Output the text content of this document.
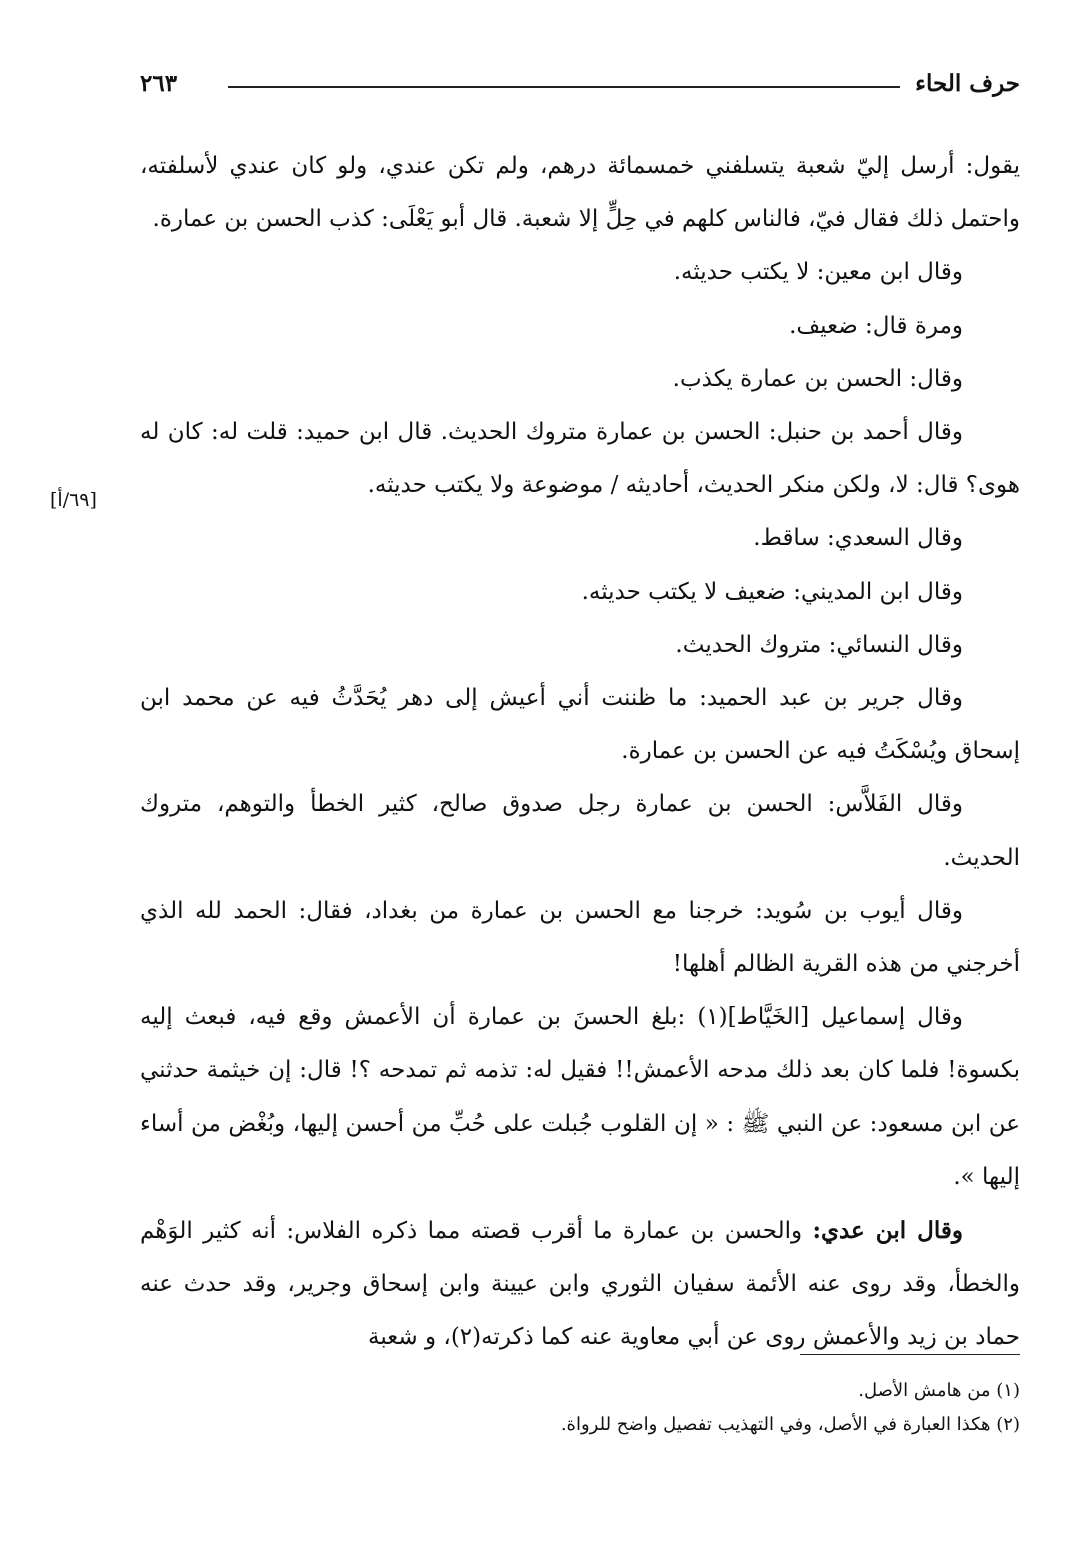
حرف الحاء
٢٦٣
[٦٩/أ]

يقول: أرسل إليّ شعبة يتسلفني خمسمائة درهم، ولم تكن عندي، ولو كان عندي لأسلفته، واحتمل ذلك فقال فيّ، فالناس كلهم في حِلٍّ إلا شعبة. قال أبو يَعْلَى: كذب الحسن بن عمارة.

وقال ابن معين: لا يكتب حديثه.

ومرة قال: ضعيف.

وقال: الحسن بن عمارة يكذب.

وقال أحمد بن حنبل: الحسن بن عمارة متروك الحديث. قال ابن حميد: قلت له: كان له هوى؟ قال: لا، ولكن منكر الحديث، أحاديثه / موضوعة ولا يكتب حديثه.

وقال السعدي: ساقط.

وقال ابن المديني: ضعيف لا يكتب حديثه.

وقال النسائي: متروك الحديث.

وقال جرير بن عبد الحميد: ما ظننت أني أعيش إلى دهر يُحَدَّثُ فيه عن محمد ابن إسحاق ويُسْكَتُ فيه عن الحسن بن عمارة.

وقال الفَلاَّس: الحسن بن عمارة رجل صدوق صالح، كثير الخطأ والتوهم، متروك الحديث.

وقال أيوب بن سُويد: خرجنا مع الحسن بن عمارة من بغداد، فقال: الحمد لله الذي أخرجني من هذه القرية الظالم أهلها!

وقال إسماعيل [الخَيَّاط](١) :بلغ الحسنَ بن عمارة أن الأعمش وقع فيه، فبعث إليه بكسوة! فلما كان بعد ذلك مدحه الأعمش!! فقيل له: تذمه ثم تمدحه ؟! قال: إن خيثمة حدثني عن ابن مسعود: عن النبي ﷺ : « إن القلوب جُبلت على حُبِّ من أحسن إليها، وبُغْض من أساء إليها ».

وقال ابن عدي: والحسن بن عمارة ما أقرب قصته مما ذكره الفلاس: أنه كثير الوَهْم والخطأ، وقد روى عنه الأئمة سفيان الثوري وابن عيينة وابن إسحاق وجرير، وقد حدث عنه حماد بن زيد والأعمش روى عن أبي معاوية عنه كما ذكرته(٢)، و شعبة

(١) من هامش الأصل.

(٢) هكذا العبارة في الأصل، وفي التهذيب تفصيل واضح للرواة.
